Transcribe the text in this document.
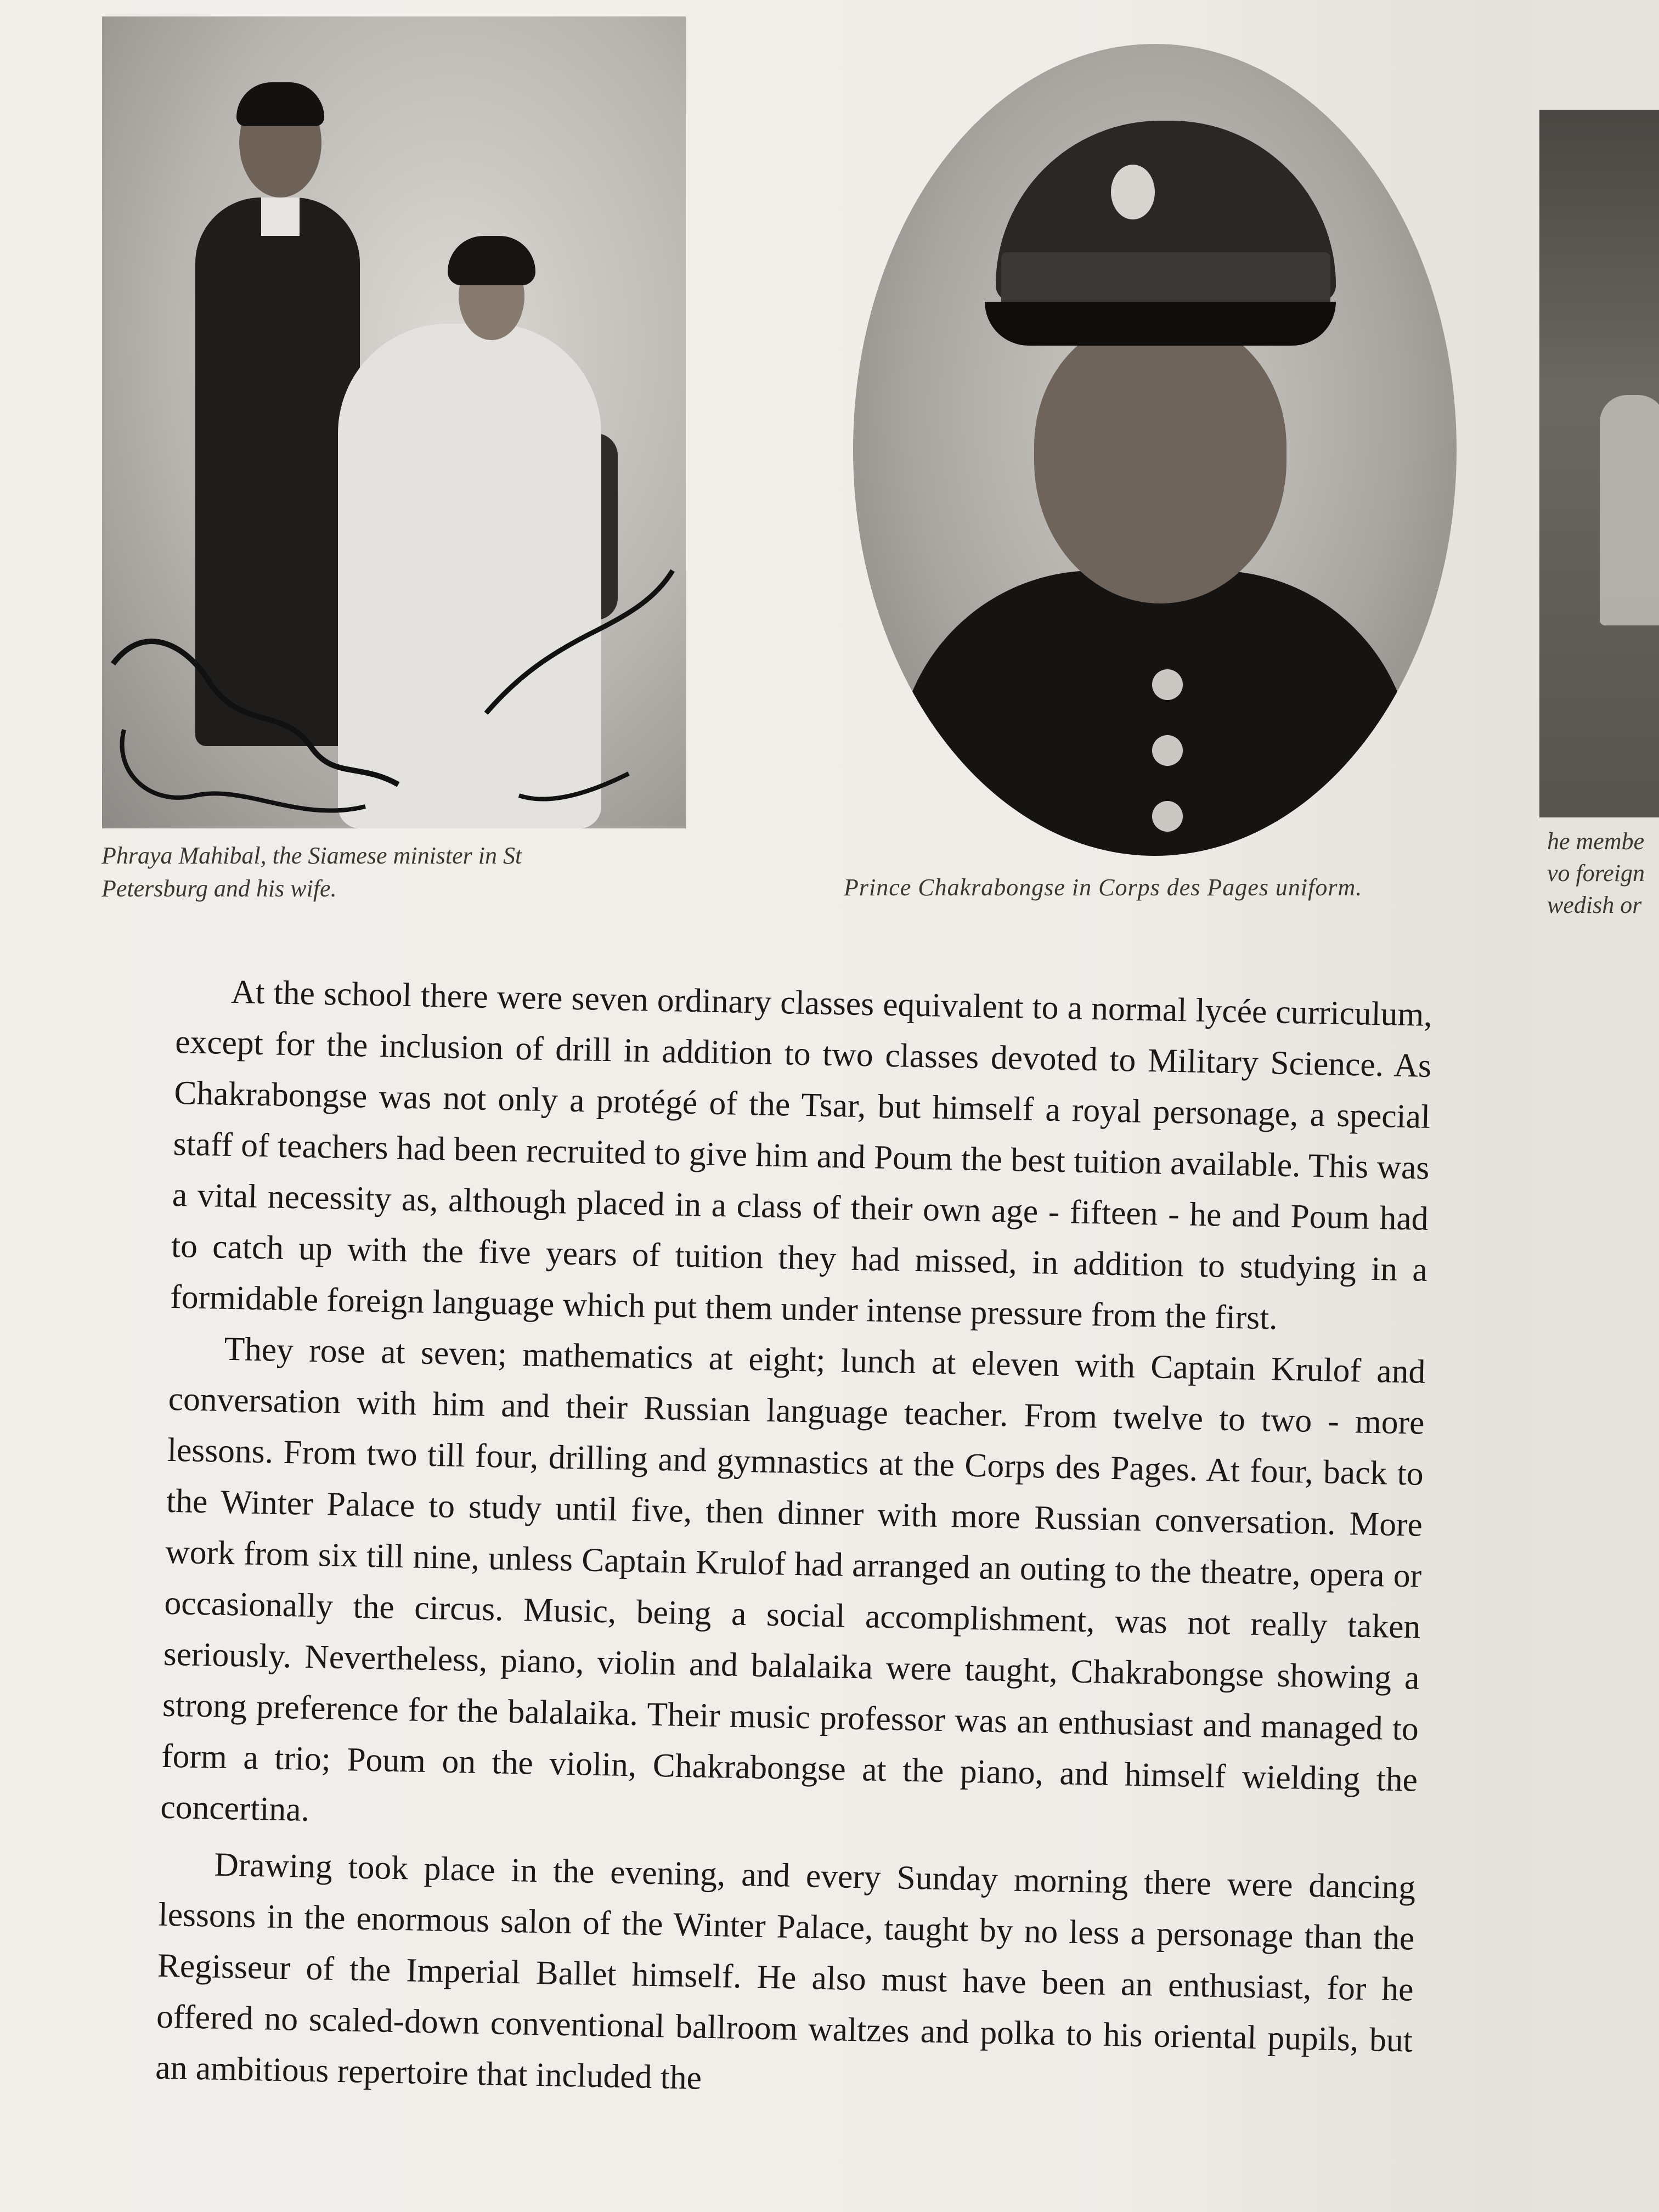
Phraya Mahibal, the Siamese minister in St
Petersburg and his wife.	Prince Chakrabongse in Corps des Pages uniform.

At the school there were seven ordinary classes equivalent to a normal lycée curriculum, except for the inclusion of drill in addition to two classes devoted to Military Science. As Chakrabongse was not only a protégé of the Tsar, but himself a royal personage, a special staff of teachers had been recruited to give him and Poum the best tuition available. This was a vital necessity as, although placed in a class of their own age - fifteen - he and Poum had to catch up with the five years of tuition they had missed, in addition to studying in a formidable foreign language which put them under intense pressure from the first.

They rose at seven; mathematics at eight; lunch at eleven with Captain Krulof and conversation with him and their Russian language teacher. From twelve to two - more lessons. From two till four, drilling and gymnastics at the Corps des Pages. At four, back to the Winter Palace to study until five, then dinner with more Russian conversation. More work from six till nine, unless Captain Krulof had arranged an outing to the theatre, opera or occasionally the circus. Music, being a social accomplishment, was not really taken seriously. Nevertheless, piano, violin and balalaika were taught, Chakrabongse showing a strong preference for the balalaika. Their music professor was an enthusiast and managed to form a trio; Poum on the violin, Chakrabongse at the piano, and himself wielding the concertina.

Drawing took place in the evening, and every Sunday morning there were dancing lessons in the enormous salon of the Winter Palace, taught by no less a personage than the Regisseur of the Imperial Ballet himself. He also must have been an enthusiast, for he offered no scaled-down conventional ballroom waltzes and polka to his oriental pupils, but an ambitious repertoire that included the

he membe
vo foreign
wedish or
